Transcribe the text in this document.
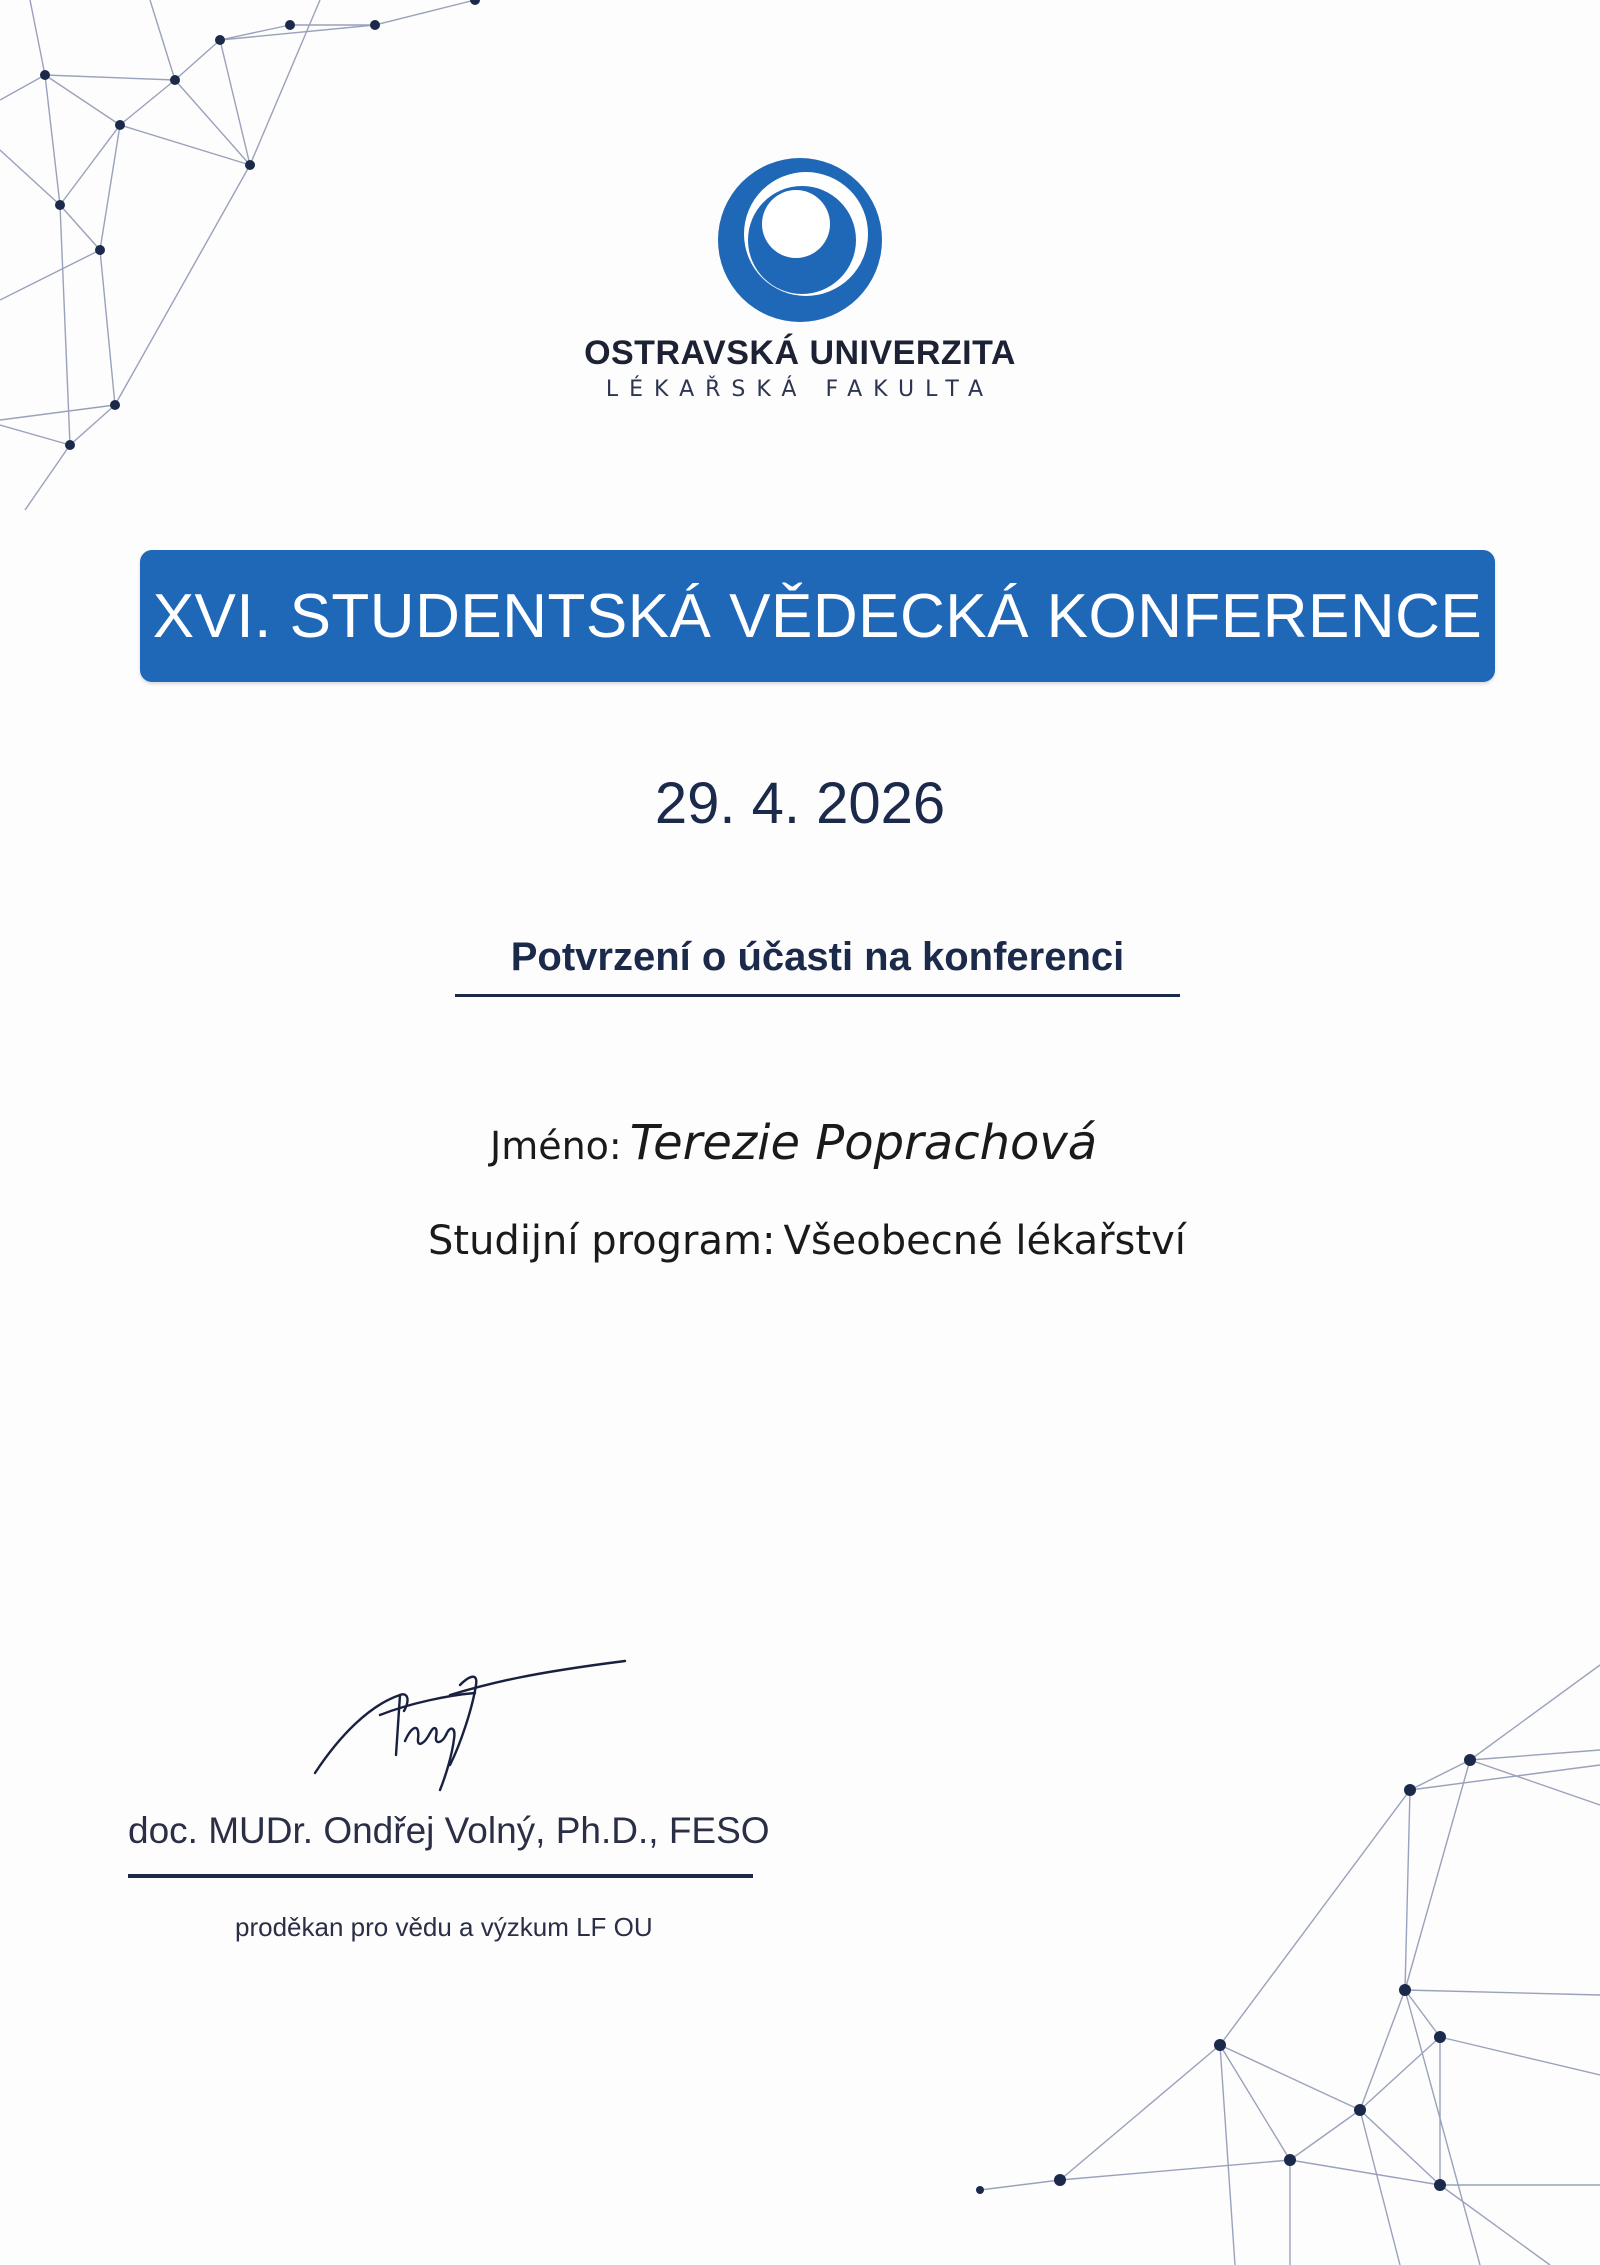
OSTRAVSKÁ UNIVERZITA
LÉKAŘSKÁ FAKULTA
XVI. STUDENTSKÁ VĚDECKÁ KONFERENCE
29. 4. 2026
Potvrzení o účasti na konferenci
Jméno: Terezie Poprachová
Studijní program: Všeobecné lékařství
doc. MUDr. Ondřej Volný, Ph.D., FESO
proděkan pro vědu a výzkum LF OU
